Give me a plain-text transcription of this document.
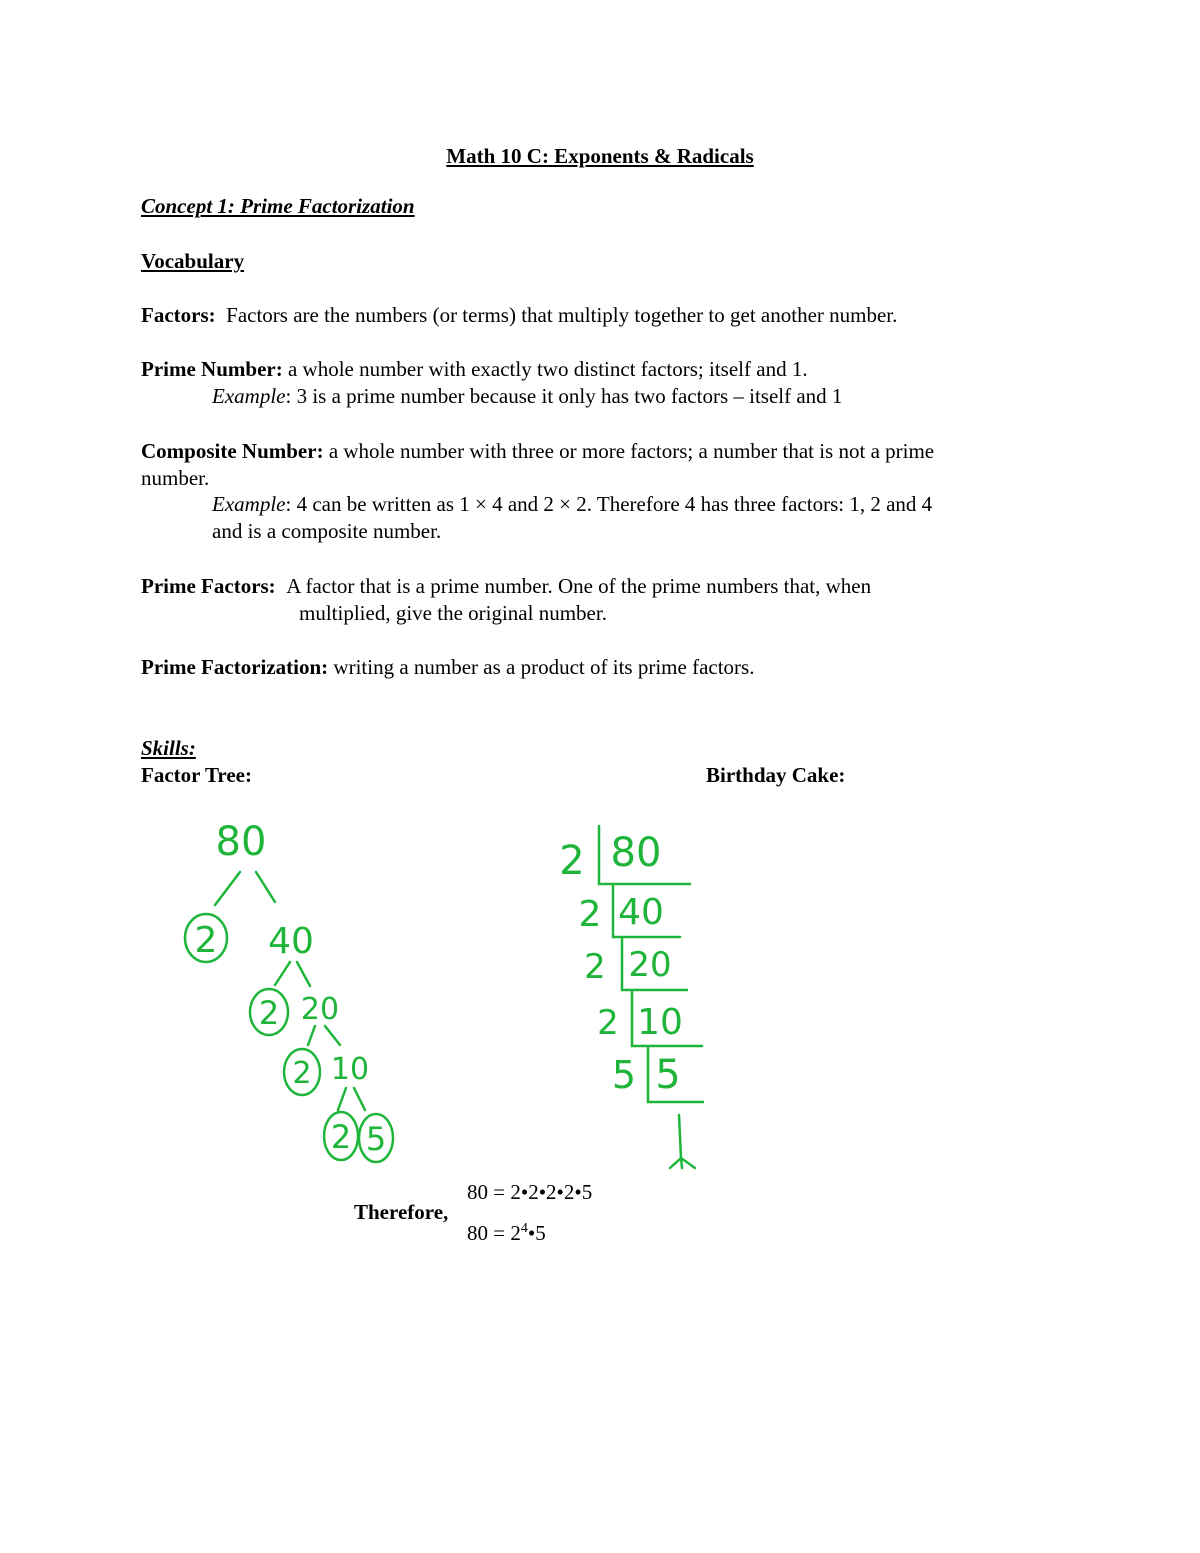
Math 10 C: Exponents & Radicals
Concept 1: Prime Factorization
Vocabulary
Factors: Factors are the numbers (or terms) that multiply together to get another number.
Prime Number: a whole number with exactly two distinct factors; itself and 1.
Example: 3 is a prime number because it only has two factors – itself and 1
Composite Number: a whole number with three or more factors; a number that is not a prime
number.
Example: 4 can be written as 1 × 4 and 2 × 2. Therefore 4 has three factors: 1, 2 and 4
and is a composite number.
Prime Factors: A factor that is a prime number. One of the prime numbers that, when
multiplied, give the original number.
Prime Factorization: writing a number as a product of its prime factors.
Skills:
Factor Tree:	Birthday Cake:
80
2 40
2 20
2 10
2 5
2 80
2 40
2 20
2 10
5 5
Therefore,
80 = 2•2•2•2•5
$80 = 2^4•5$
